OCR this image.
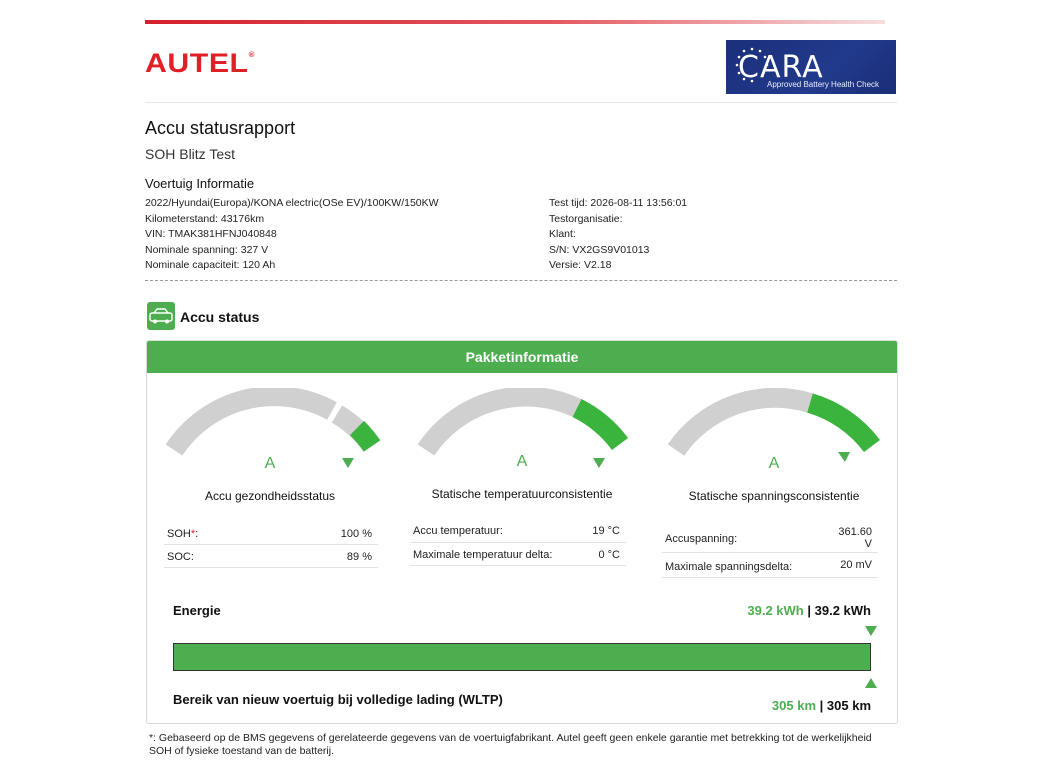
AUTEL®	CARA
Approved Battery Health Check
Accu statusrapport
SOH Blitz Test
Voertuig Informatie
2022/Hyundai(Europa)/KONA electric(OSe EV)/100KW/150KW
Kilometerstand: 43176km
VIN: TMAK381HFNJ040848
Nominale spanning: 327 V
Nominale capaciteit: 120 Ah
Test tijd: 2026-08-11 13:56:01
Testorganisatie:
Klant:
S/N: VX2GS9V01013
Versie: V2.18
Accu status
Pakketinformatie
A
Accu gezondheidsstatus
A
Statische temperatuurconsistentie
A
Statische spanningsconsistentie
SOH*:	100 %
SOC:	89 %
Accu temperatuur:	19 °C
Maximale temperatuur delta:	0 °C
Accuspanning:
361.60
V
Maximale spanningsdelta:	20 mV
Energie	39.2 kWh | 39.2 kWh
Bereik van nieuw voertuig bij volledige lading (WLTP)	305 km | 305 km
*: Gebaseerd op de BMS gegevens of gerelateerde gegevens van de voertuigfabrikant. Autel geeft geen enkele garantie met betrekking tot de werkelijkheid SOH of fysieke toestand van de batterij.
